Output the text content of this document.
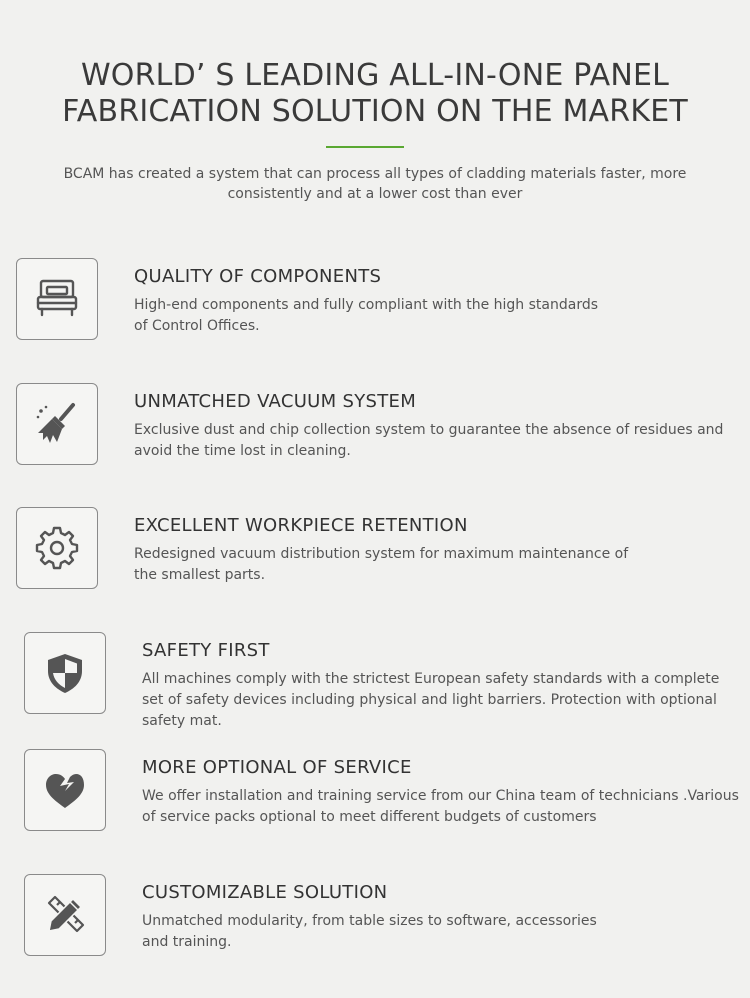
WORLD’ S LEADING ALL-IN-ONE PANEL
FABRICATION SOLUTION ON THE MARKET

BCAM has created a system that can process all types of cladding materials faster, more consistently and at a lower cost than ever

QUALITY OF COMPONENTS

High-end components and fully compliant with the high standards of Control Offices.

UNMATCHED VACUUM SYSTEM

Exclusive dust and chip collection system to guarantee the absence of residues and avoid the time lost in cleaning.

EXCELLENT WORKPIECE RETENTION

Redesigned vacuum distribution system for maximum maintenance of the smallest parts.

SAFETY FIRST

All machines comply with the strictest European safety standards with a complete set of safety devices including physical and light barriers. Protection with optional safety mat.

MORE OPTIONAL OF SERVICE

We offer installation and training service from our China team of technicians .Various of service packs optional to meet different budgets of customers

CUSTOMIZABLE SOLUTION

Unmatched modularity, from table sizes to software, accessories and training.
